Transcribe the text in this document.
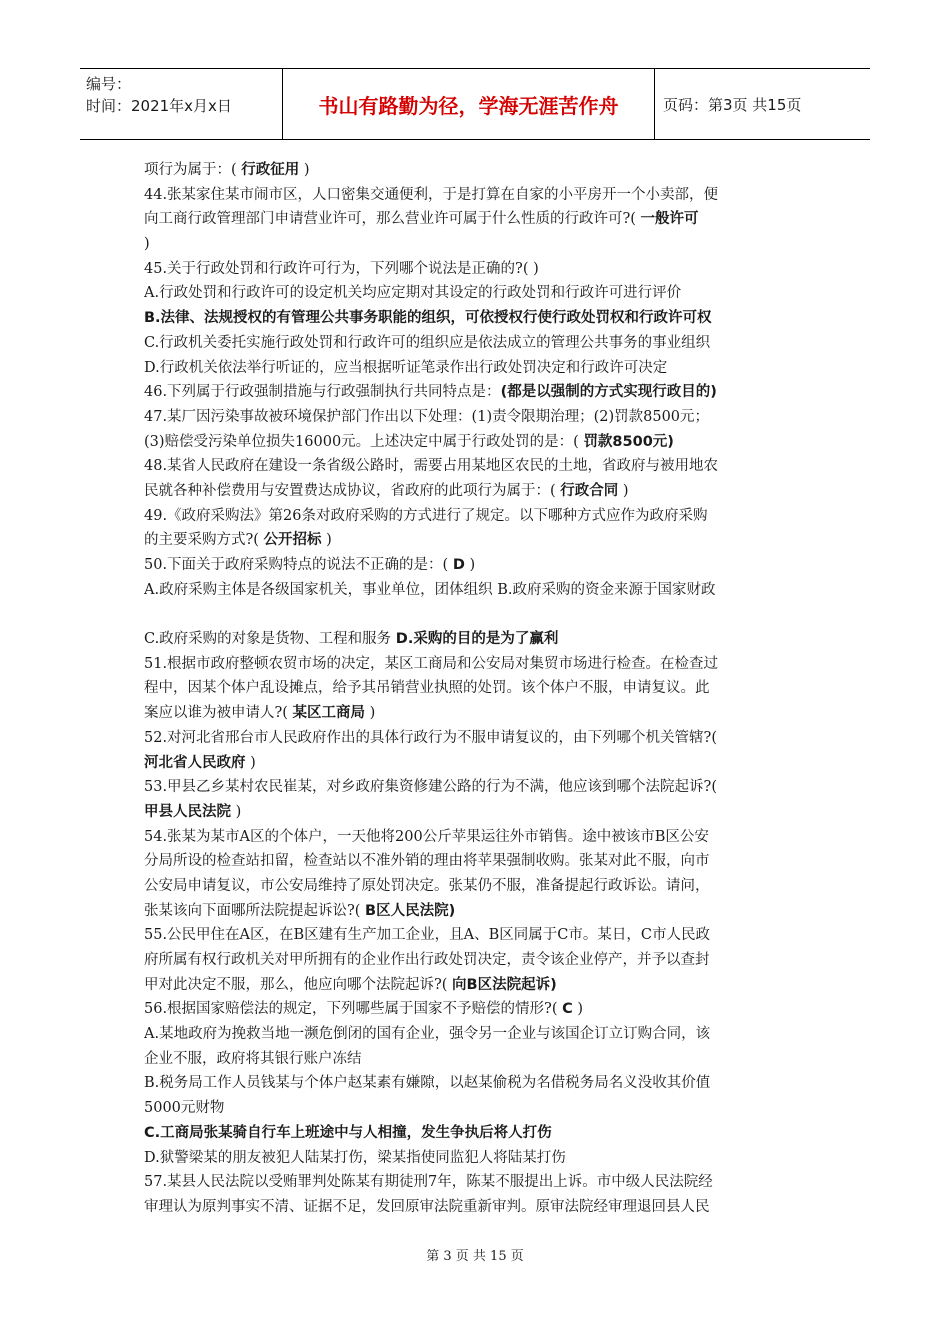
编号：
时间：2021年x月x日	书山有路勤为径，学海无涯苦作舟	页码：第3页 共15页
项行为属于：( 行政征用 )
44.张某家住某市闹市区，人口密集交通便利，于是打算在自家的小平房开一个小卖部，便
向工商行政管理部门申请营业许可，那么营业许可属于什么性质的行政许可?( 一般许可
)
45.关于行政处罚和行政许可行为，下列哪个说法是正确的?( )
A.行政处罚和行政许可的设定机关均应定期对其设定的行政处罚和行政许可进行评价
B.法律、法规授权的有管理公共事务职能的组织，可依授权行使行政处罚权和行政许可权
C.行政机关委托实施行政处罚和行政许可的组织应是依法成立的管理公共事务的事业组织
D.行政机关依法举行听证的，应当根据听证笔录作出行政处罚决定和行政许可决定
46.下列属于行政强制措施与行政强制执行共同特点是：(都是以强制的方式实现行政目的)
47.某厂因污染事故被环境保护部门作出以下处理：(1)责令限期治理；(2)罚款8500元；
(3)赔偿受污染单位损失16000元。上述决定中属于行政处罚的是：( 罚款8500元)
48.某省人民政府在建设一条省级公路时，需要占用某地区农民的土地，省政府与被用地农
民就各种补偿费用与安置费达成协议，省政府的此项行为属于：( 行政合同 )
49.《政府采购法》第26条对政府采购的方式进行了规定。以下哪种方式应作为政府采购
的主要采购方式?( 公开招标 )
50.下面关于政府采购特点的说法不正确的是：( D )
A.政府采购主体是各级国家机关，事业单位，团体组织 B.政府采购的资金来源于国家财政
C.政府采购的对象是货物、工程和服务 D.采购的目的是为了赢利
51.根据市政府整顿农贸市场的决定，某区工商局和公安局对集贸市场进行检查。在检查过
程中，因某个体户乱设摊点，给予其吊销营业执照的处罚。该个体户不服，申请复议。此
案应以谁为被申请人?( 某区工商局 )
52.对河北省邢台市人民政府作出的具体行政行为不服申请复议的，由下列哪个机关管辖?(
河北省人民政府 )
53.甲县乙乡某村农民崔某，对乡政府集资修建公路的行为不满，他应该到哪个法院起诉?(
甲县人民法院 )
54.张某为某市A区的个体户，一天他将200公斤苹果运往外市销售。途中被该市B区公安
分局所设的检查站扣留，检查站以不准外销的理由将苹果强制收购。张某对此不服，向市
公安局申请复议，市公安局维持了原处罚决定。张某仍不服，准备提起行政诉讼。请问，
张某该向下面哪所法院提起诉讼?( B区人民法院)
55.公民甲住在A区，在B区建有生产加工企业，且A、B区同属于C市。某日，C市人民政
府所属有权行政机关对甲所拥有的企业作出行政处罚决定，责令该企业停产，并予以查封
甲对此决定不服，那么，他应向哪个法院起诉?( 向B区法院起诉)
56.根据国家赔偿法的规定，下列哪些属于国家不予赔偿的情形?( C )
A.某地政府为挽救当地一濒危倒闭的国有企业，强令另一企业与该国企订立订购合同，该
企业不服，政府将其银行账户冻结
B.税务局工作人员钱某与个体户赵某素有嫌隙，以赵某偷税为名借税务局名义没收其价值
5000元财物
C.工商局张某骑自行车上班途中与人相撞，发生争执后将人打伤
D.狱警梁某的朋友被犯人陆某打伤，梁某指使同监犯人将陆某打伤
57.某县人民法院以受贿罪判处陈某有期徒刑7年，陈某不服提出上诉。市中级人民法院经
审理认为原判事实不清、证据不足，发回原审法院重新审判。原审法院经审理退回县人民
第 3 页 共 15 页
